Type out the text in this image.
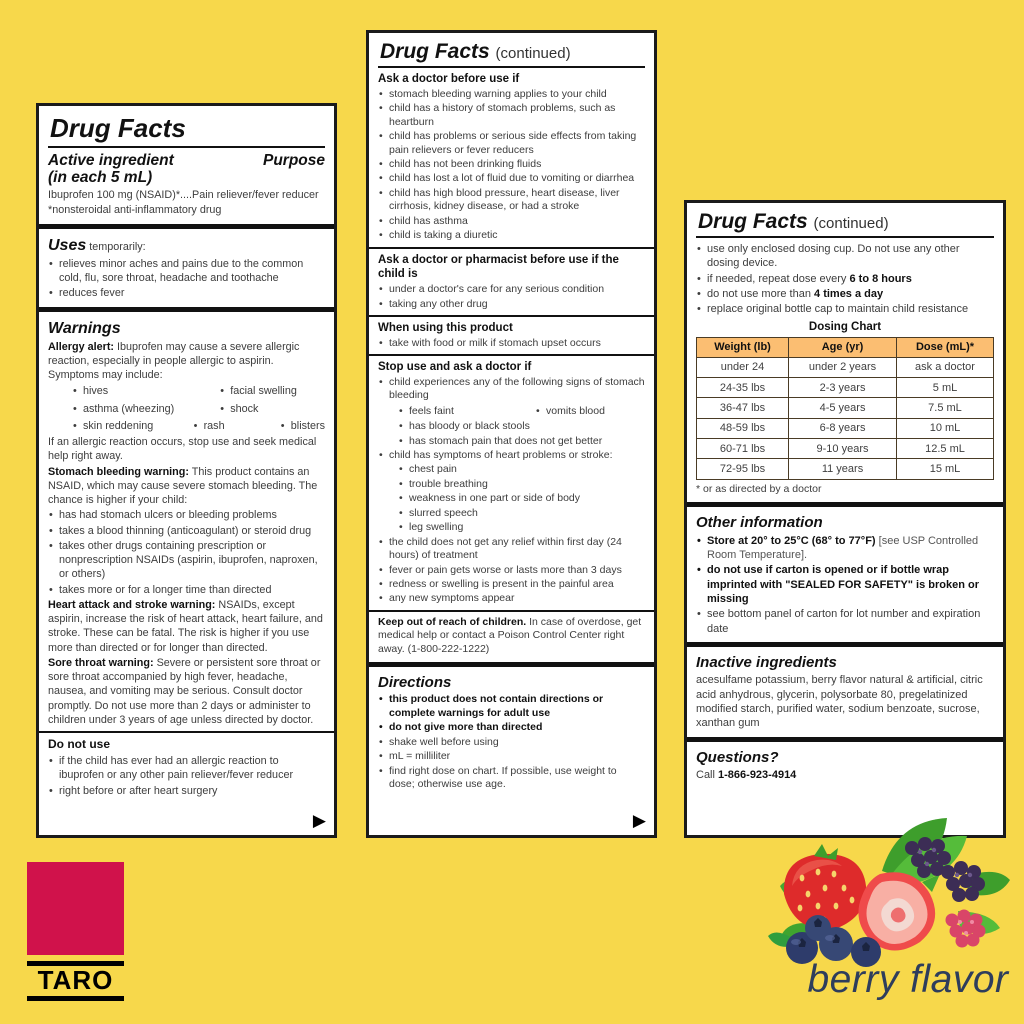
Drug Facts
Active ingredient
(in each 5 mL)
Purpose

Ibuprofen 100 mg (NSAID)*....Pain reliever/fever reducer

*nonsteroidal anti-inflammatory drug

Uses temporarily:
• relieves minor aches and pains due to the common cold, flu, sore throat, headache and toothache
• reduces fever
Warnings

Allergy alert: Ibuprofen may cause a severe allergic reaction, especially in people allergic to aspirin. Symptoms may include:

• hives	• facial swelling
• asthma (wheezing)	• shock
• skin reddening	• rash	• blisters

If an allergic reaction occurs, stop use and seek medical help right away.

Stomach bleeding warning: This product contains an NSAID, which may cause severe stomach bleeding. The chance is higher if your child:

• has had stomach ulcers or bleeding problems
• takes a blood thinning (anticoagulant) or steroid drug
• takes other drugs containing prescription or nonprescription NSAIDs (aspirin, ibuprofen, naproxen, or others)
• takes more or for a longer time than directed

Heart attack and stroke warning: NSAIDs, except aspirin, increase the risk of heart attack, heart failure, and stroke. These can be fatal. The risk is higher if you use more than directed or for longer than directed.

Sore throat warning: Severe or persistent sore throat or sore throat accompanied by high fever, headache, nausea, and vomiting may be serious. Consult doctor promptly. Do not use more than 2 days or administer to children under 3 years of age unless directed by doctor.

Do not use
• if the child has ever had an allergic reaction to ibuprofen or any other pain reliever/fever reducer
• right before or after heart surgery
▶
Drug Facts (continued)
Ask a doctor before use if
• stomach bleeding warning applies to your child
• child has a history of stomach problems, such as heartburn
• child has problems or serious side effects from taking pain relievers or fever reducers
• child has not been drinking fluids
• child has lost a lot of fluid due to vomiting or diarrhea
• child has high blood pressure, heart disease, liver cirrhosis, kidney disease, or had a stroke
• child has asthma
• child is taking a diuretic
Ask a doctor or pharmacist before use if the child is
• under a doctor's care for any serious condition
• taking any other drug
When using this product
• take with food or milk if stomach upset occurs
Stop use and ask a doctor if
• child experiences any of the following signs of stomach bleeding
• feels faint	• vomits blood
• has bloody or black stools
• has stomach pain that does not get better
• child has symptoms of heart problems or stroke:
• chest pain
• trouble breathing
• weakness in one part or side of body
• slurred speech
• leg swelling
• the child does not get any relief within first day (24 hours) of treatment
• fever or pain gets worse or lasts more than 3 days
• redness or swelling is present in the painful area
• any new symptoms appear

Keep out of reach of children. In case of overdose, get medical help or contact a Poison Control Center right away. (1-800-222-1222)

Directions
• this product does not contain directions or complete warnings for adult use
• do not give more than directed
• shake well before using
• mL = milliliter
• find right dose on chart. If possible, use weight to dose; otherwise use age.
▶
Drug Facts (continued)
• use only enclosed dosing cup. Do not use any other dosing device.
• if needed, repeat dose every 6 to 8 hours
• do not use more than 4 times a day
• replace original bottle cap to maintain child resistance
Dosing Chart
Weight (lb)	Age (yr)	Dose (mL)*
under 24	under 2 years	ask a doctor
24-35 lbs	2-3 years	5 mL
36-47 lbs	4-5 years	7.5 mL
48-59 lbs	6-8 years	10 mL
60-71 lbs	9-10 years	12.5 mL
72-95 lbs	11 years	15 mL
* or as directed by a doctor
Other information
• Store at 20° to 25°C (68° to 77°F) [see USP Controlled Room Temperature].
• do not use if carton is opened or if bottle wrap imprinted with "SEALED FOR SAFETY" is broken or missing
• see bottom panel of carton for lot number and expiration date
Inactive ingredients

acesulfame potassium, berry flavor natural & artificial, citric acid anhydrous, glycerin, polysorbate 80, pregelatinized modified starch, purified water, sodium benzoate, sucrose, xanthan gum

Questions?

Call 1-866-923-4914

TARO	berry flavor
